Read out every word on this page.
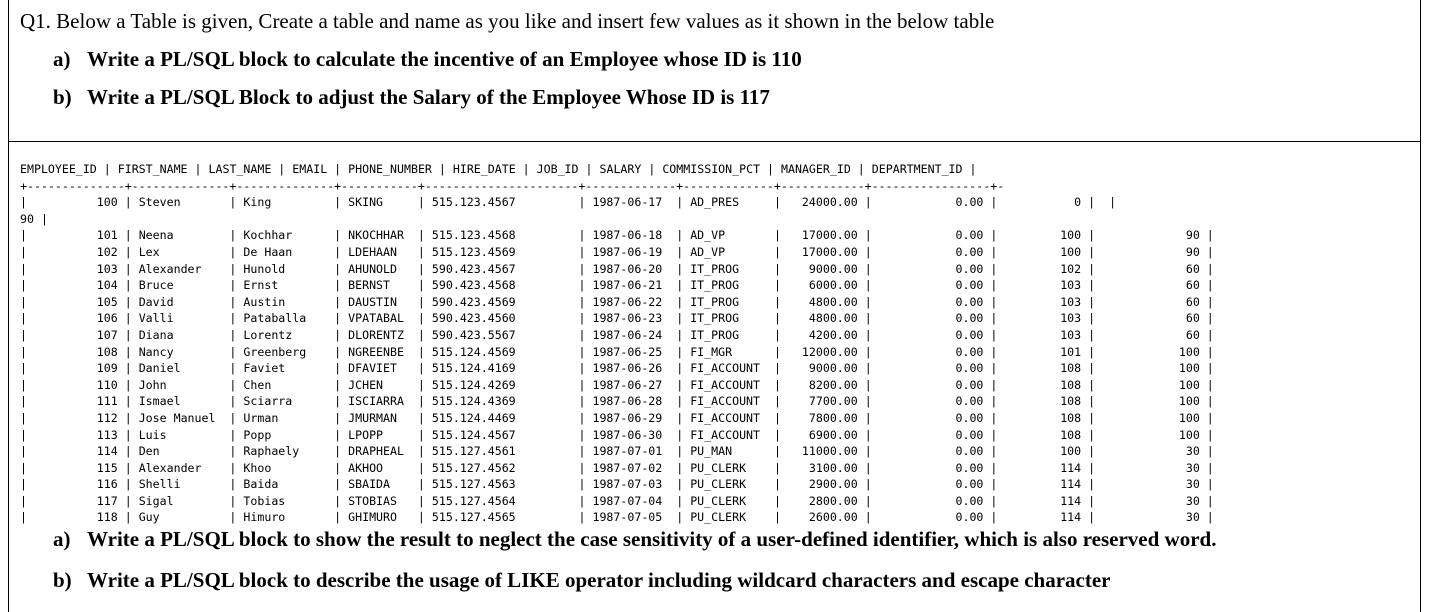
Q1. Below a Table is given, Create a table and name as you like and insert few values as it shown in the below table

a) Write a PL/SQL block to calculate the incentive of an Employee whose ID is 110

b) Write a PL/SQL Block to adjust the Salary of the Employee Whose ID is 117

EMPLOYEE_ID | FIRST_NAME | LAST_NAME | EMAIL | PHONE_NUMBER | HIRE_DATE | JOB_ID | SALARY | COMMISSION_PCT | MANAGER_ID | DEPARTMENT_ID |
+--------------+--------------+--------------+-----------+----------------------+-------------+-------------+------------+-----------------+-
|          100 | Steven       | King         | SKING     | 515.123.4567         | 1987-06-17  | AD_PRES     |   24000.00 |            0.00 |           0 |  |
90 |
|          101 | Neena        | Kochhar      | NKOCHHAR  | 515.123.4568         | 1987-06-18  | AD_VP       |   17000.00 |            0.00 |         100 |             90 |
|          102 | Lex          | De Haan      | LDEHAAN   | 515.123.4569         | 1987-06-19  | AD_VP       |   17000.00 |            0.00 |         100 |             90 |
|          103 | Alexander    | Hunold       | AHUNOLD   | 590.423.4567         | 1987-06-20  | IT_PROG     |    9000.00 |            0.00 |         102 |             60 |
|          104 | Bruce        | Ernst        | BERNST    | 590.423.4568         | 1987-06-21  | IT_PROG     |    6000.00 |            0.00 |         103 |             60 |
|          105 | David        | Austin       | DAUSTIN   | 590.423.4569         | 1987-06-22  | IT_PROG     |    4800.00 |            0.00 |         103 |             60 |
|          106 | Valli        | Pataballa    | VPATABAL  | 590.423.4560         | 1987-06-23  | IT_PROG     |    4800.00 |            0.00 |         103 |             60 |
|          107 | Diana        | Lorentz      | DLORENTZ  | 590.423.5567         | 1987-06-24  | IT_PROG     |    4200.00 |            0.00 |         103 |             60 |
|          108 | Nancy        | Greenberg    | NGREENBE  | 515.124.4569         | 1987-06-25  | FI_MGR      |   12000.00 |            0.00 |         101 |            100 |
|          109 | Daniel       | Faviet       | DFAVIET   | 515.124.4169         | 1987-06-26  | FI_ACCOUNT  |    9000.00 |            0.00 |         108 |            100 |
|          110 | John         | Chen         | JCHEN     | 515.124.4269         | 1987-06-27  | FI_ACCOUNT  |    8200.00 |            0.00 |         108 |            100 |
|          111 | Ismael       | Sciarra      | ISCIARRA  | 515.124.4369         | 1987-06-28  | FI_ACCOUNT  |    7700.00 |            0.00 |         108 |            100 |
|          112 | Jose Manuel  | Urman        | JMURMAN   | 515.124.4469         | 1987-06-29  | FI_ACCOUNT  |    7800.00 |            0.00 |         108 |            100 |
|          113 | Luis         | Popp         | LPOPP     | 515.124.4567         | 1987-06-30  | FI_ACCOUNT  |    6900.00 |            0.00 |         108 |            100 |
|          114 | Den          | Raphaely     | DRAPHEAL  | 515.127.4561         | 1987-07-01  | PU_MAN      |   11000.00 |            0.00 |         100 |             30 |
|          115 | Alexander    | Khoo         | AKHOO     | 515.127.4562         | 1987-07-02  | PU_CLERK    |    3100.00 |            0.00 |         114 |             30 |
|          116 | Shelli       | Baida        | SBAIDA    | 515.127.4563         | 1987-07-03  | PU_CLERK    |    2900.00 |            0.00 |         114 |             30 |
|          117 | Sigal        | Tobias       | STOBIAS   | 515.127.4564         | 1987-07-04  | PU_CLERK    |    2800.00 |            0.00 |         114 |             30 |
|          118 | Guy          | Himuro       | GHIMURO   | 515.127.4565         | 1987-07-05  | PU_CLERK    |    2600.00 |            0.00 |         114 |             30 |

a) Write a PL/SQL block to show the result to neglect the case sensitivity of a user-defined identifier, which is also reserved word.

b) Write a PL/SQL block to describe the usage of LIKE operator including wildcard characters and escape character
